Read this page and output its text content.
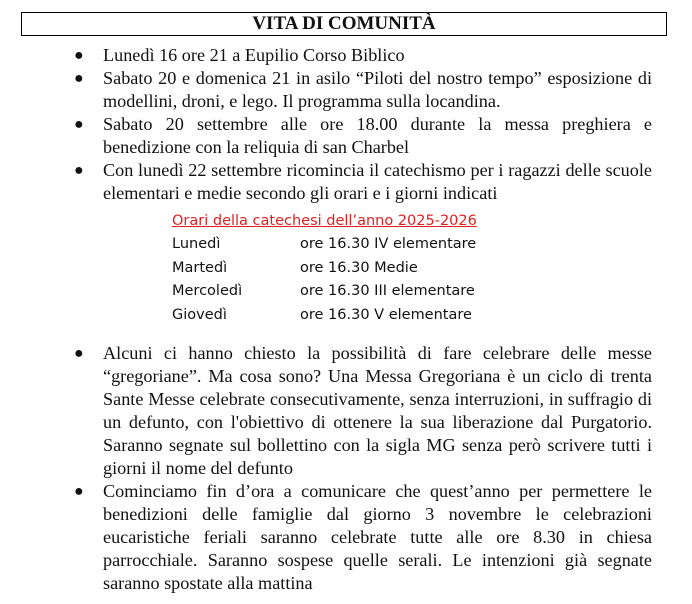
VITA DI COMUNITÀ
● Lunedì 16 ore 21 a Eupilio Corso Biblico

● Sabato 20 e domenica 21 in asilo “Piloti del nostro tempo” esposizione di modellini, droni, e lego. Il programma sulla locandina.

● Sabato 20 settembre alle ore 18.00 durante la messa preghiera e benedizione con la reliquia di san Charbel

● Con lunedì 22 settembre ricomincia il catechismo per i ragazzi delle scuole elementari e medie secondo gli orari e i giorni indicati

Orari della catechesi dell’anno 2025-2026
Lunedì	ore 16.30 IV elementare
Martedì	ore 16.30 Medie
Mercoledì	ore 16.30 III elementare
Giovedì	ore 16.30 V elementare
● Alcuni ci hanno chiesto la possibilità di fare celebrare delle messe “gregoriane”. Ma cosa sono? Una Messa Gregoriana è un ciclo di trenta Sante Messe celebrate consecutivamente, senza interruzioni, in suffragio di un defunto, con l'obiettivo di ottenere la sua liberazione dal Purgatorio. Saranno segnate sul bollettino con la sigla MG senza però scrivere tutti i giorni il nome del defunto

● Cominciamo fin d’ora a comunicare che quest’anno per permettere le benedizioni delle famiglie dal giorno 3 novembre le celebrazioni eucaristiche feriali saranno celebrate tutte alle ore 8.30 in chiesa parrocchiale. Saranno sospese quelle serali. Le intenzioni già segnate saranno spostate alla mattina
